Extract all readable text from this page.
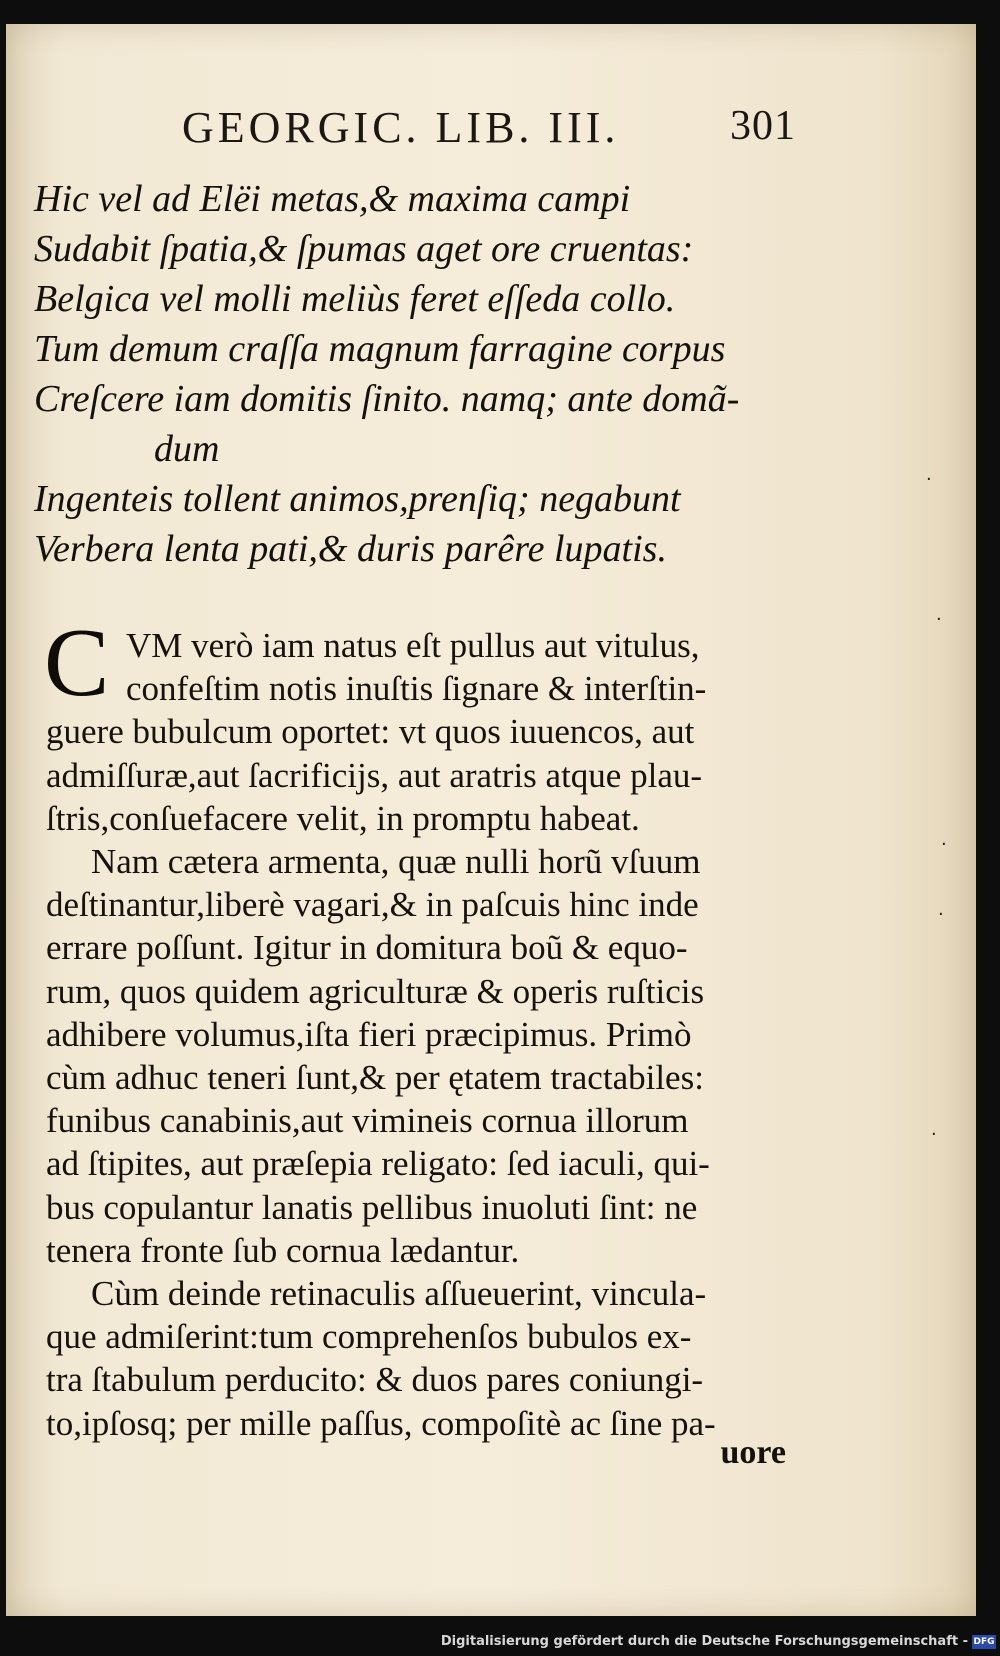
GEORGIC. LIB. III.	301
Hic vel ad Elëi metas,& maxima campi
Sudabit ſpatia,& ſpumas aget ore cruentas:
Belgica vel molli meliùs feret eſſeda collo.
Tum demum craſſa magnum farragine corpus
Creſcere iam domitis ſinito. namq; ante domã-
dum
Ingenteis tollent animos,prenſiq; negabunt
Verbera lenta pati,& duris parêre lupatis.
C VM verò iam natus eſt pullus aut vitulus,
confeſtim notis inuſtis ſignare & interſtin-
guere bubulcum oportet: vt quos iuuencos, aut
admiſſuræ,aut ſacrificijs, aut aratris atque plau-
ſtris,conſuefacere velit, in promptu habeat.
Nam cætera armenta, quæ nulli horũ vſuum
deſtinantur,liberè vagari,& in paſcuis hinc inde
errare poſſunt. Igitur in domitura boũ & equo-
rum, quos quidem agriculturæ & operis ruſticis
adhibere volumus,iſta fieri præcipimus. Primò
cùm adhuc teneri ſunt,& per ętatem tractabiles:
funibus canabinis,aut vimineis cornua illorum
ad ſtipites, aut præſepia religato: ſed iaculi, qui-
bus copulantur lanatis pellibus inuoluti ſint: ne
tenera fronte ſub cornua lædantur.
Cùm deinde retinaculis aſſueuerint, vincula-
que admiſerint:tum comprehenſos bubulos ex-
tra ſtabulum perducito: & duos pares coniungi-
to,ipſosq; per mille paſſus, compoſitè ac ſine pa-
uore
·
·
·
·
·
Digitalisierung gefördert durch die Deutsche Forschungsgemeinschaft - DFG
